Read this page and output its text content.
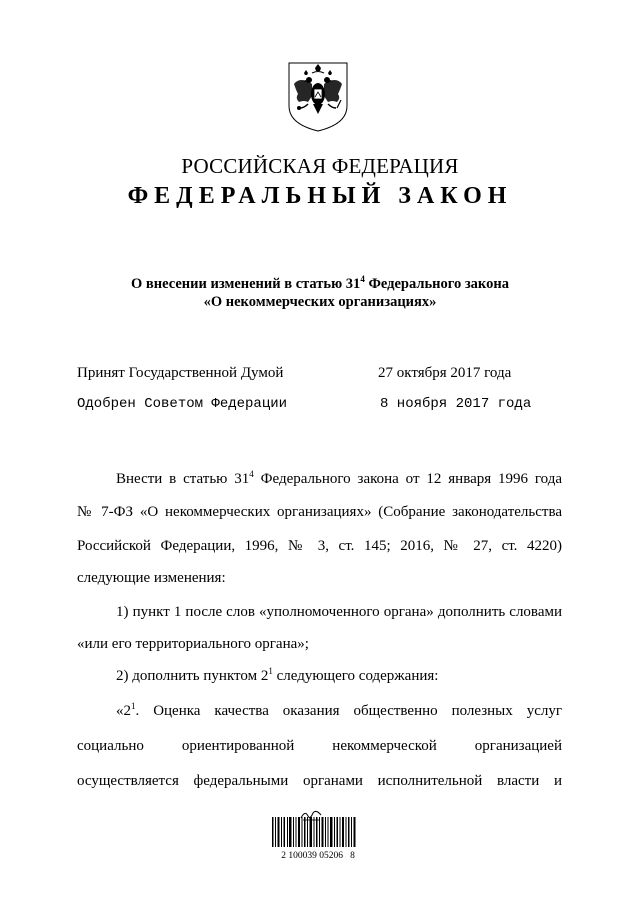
РОССИЙСКАЯ ФЕДЕРАЦИЯ
ФЕДЕРАЛЬНЫЙ ЗАКОН
О внесении изменений в статью $31^4$ Федерального закона
«О некоммерческих организациях»
Принят Государственной Думой	27 октября 2017 года
Одобрен Советом Федерации	8 ноября 2017 года
Внести в статью $31^4$ Федерального закона от 12 января 1996 года
№ 7-ФЗ «О некоммерческих организациях» (Собрание законодательства
Российской Федерации, 1996, № 3, ст. 145; 2016, № 27, ст. 4220)
следующие изменения:
1) пункт 1 после слов «уполномоченного органа» дополнить словами
«или его территориального органа»;
2) дополнить пунктом $2^1$ следующего содержания:
«$2^1$. Оценка качества оказания общественно полезных услуг
социально ориентированной некоммерческой организацией
осуществляется федеральными органами исполнительной власти и
2 100039 05206   8
